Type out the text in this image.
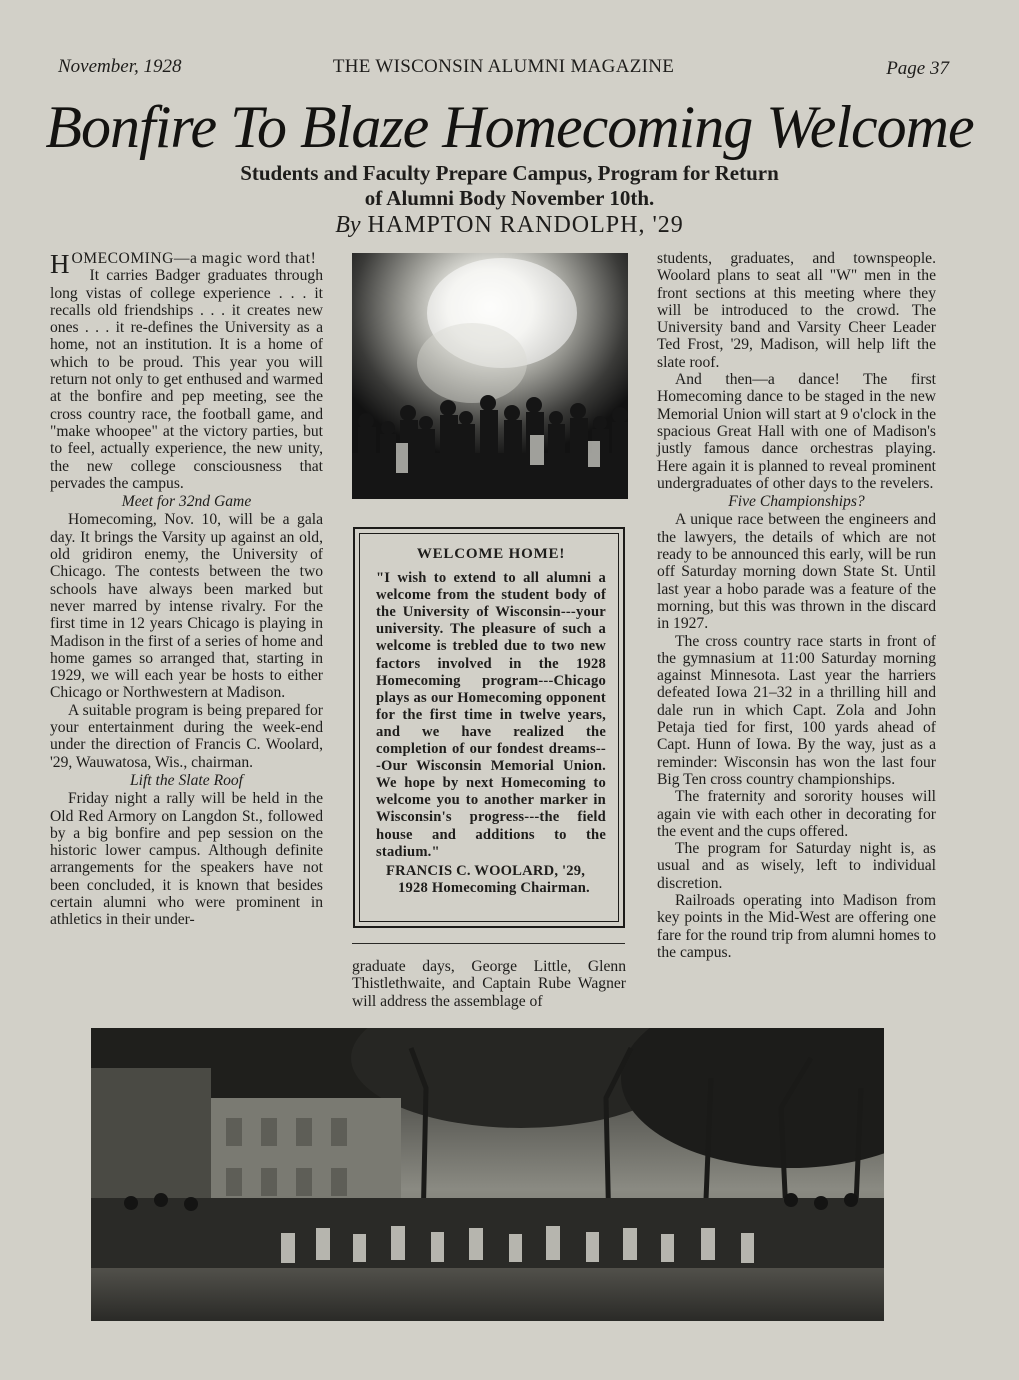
November, 1928	THE WISCONSIN ALUMNI MAGAZINE	Page 37
Bonfire To Blaze Homecoming Welcome
Students and Faculty Prepare Campus, Program for Return
of Alumni Body November 10th.
By HAMPTON RANDOLPH, '29

HOMECOMING—a magic word that!

It carries Badger graduates through long vistas of college experience . . . it recalls old friendships . . . it creates new ones . . . it re-defines the University as a home, not an institution. It is a home of which to be proud. This year you will return not only to get enthused and warmed at the bonfire and pep meeting, see the cross country race, the football game, and "make whoopee" at the victory parties, but to feel, actually experience, the new unity, the new college consciousness that pervades the campus.

Meet for 32nd Game

Homecoming, Nov. 10, will be a gala day. It brings the Varsity up against an old, old gridiron enemy, the University of Chicago. The contests between the two schools have always been marked but never marred by intense rivalry. For the first time in 12 years Chicago is playing in Madison in the first of a series of home and home games so arranged that, starting in 1929, we will each year be hosts to either Chicago or Northwestern at Madison.

A suitable program is being prepared for your entertainment during the week-end under the direction of Francis C. Woolard, '29, Wauwatosa, Wis., chairman.

Lift the Slate Roof

Friday night a rally will be held in the Old Red Armory on Langdon St., followed by a big bonfire and pep session on the historic lower campus. Although definite arrangements for the speakers have not been concluded, it is known that besides certain alumni who were prominent in athletics in their under-

WELCOME HOME!
"I wish to extend to all alumni a welcome from the student body of the University of Wisconsin---your university. The pleasure of such a welcome is trebled due to two new factors involved in the 1928 Homecoming program---Chicago plays as our Homecoming opponent for the first time in twelve years, and we have realized the completion of our fondest dreams---Our Wisconsin Memorial Union. We hope by next Homecoming to welcome you to another marker in Wisconsin's progress---the field house and additions to the stadium."
FRANCIS C. WOOLARD, '29,
1928 Homecoming Chairman.

graduate days, George Little, Glenn Thistlethwaite, and Captain Rube Wagner will address the assemblage of

students, graduates, and townspeople. Woolard plans to seat all "W" men in the front sections at this meeting where they will be introduced to the crowd. The University band and Varsity Cheer Leader Ted Frost, '29, Madison, will help lift the slate roof.

And then—a dance! The first Homecoming dance to be staged in the new Memorial Union will start at 9 o'clock in the spacious Great Hall with one of Madison's justly famous dance orchestras playing. Here again it is planned to reveal prominent undergraduates of other days to the revelers.

Five Championships?

A unique race between the engineers and the lawyers, the details of which are not ready to be announced this early, will be run off Saturday morning down State St. Until last year a hobo parade was a feature of the morning, but this was thrown in the discard in 1927.

The cross country race starts in front of the gymnasium at 11:00 Saturday morning against Minnesota. Last year the harriers defeated Iowa 21–32 in a thrilling hill and dale run in which Capt. Zola and John Petaja tied for first, 100 yards ahead of Capt. Hunn of Iowa. By the way, just as a reminder: Wisconsin has won the last four Big Ten cross country championships.

The fraternity and sorority houses will again vie with each other in decorating for the event and the cups offered.

The program for Saturday night is, as usual and as wisely, left to individual discretion.

Railroads operating into Madison from key points in the Mid-West are offering one fare for the round trip from alumni homes to the campus.
